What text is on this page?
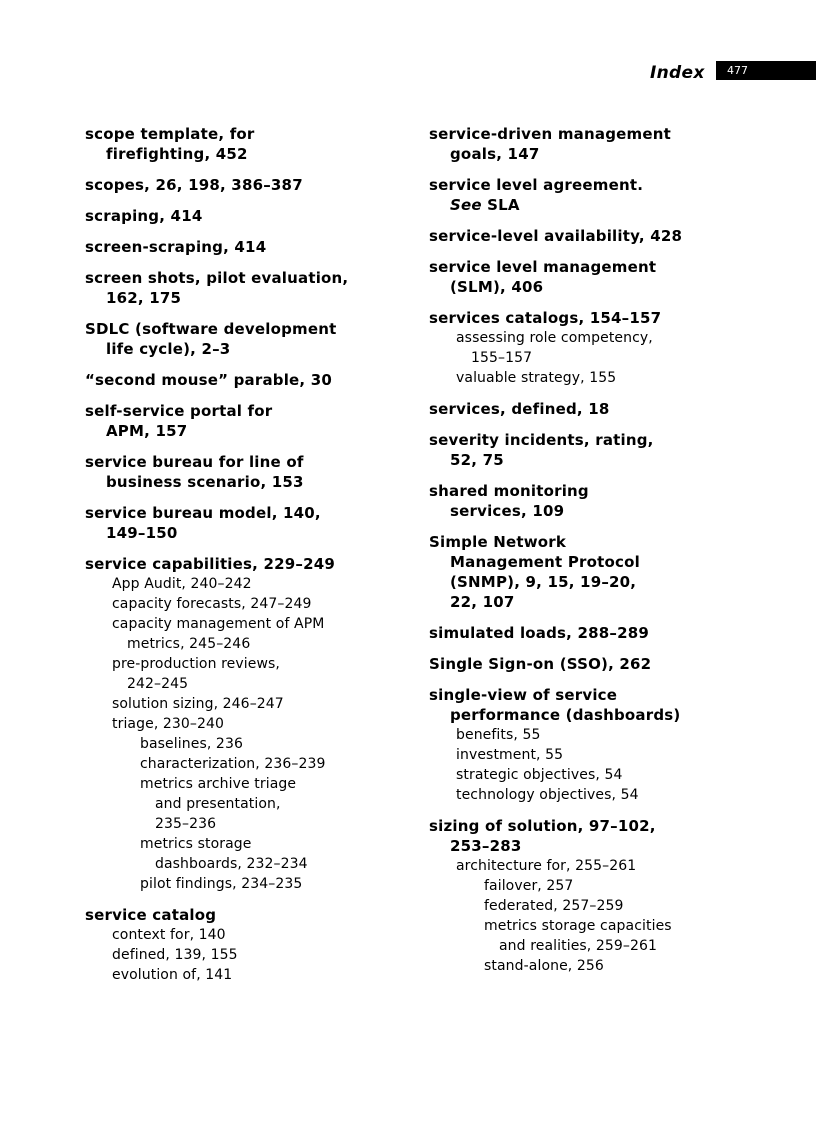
Index	477
scope template, for
firefighting, 452
scopes, 26, 198, 386–387
scraping, 414
screen-scraping, 414
screen shots, pilot evaluation,
162, 175
SDLC (software development
life cycle), 2–3
“second mouse” parable, 30
self-service portal for
APM, 157
service bureau for line of
business scenario, 153
service bureau model, 140,
149–150
service capabilities, 229–249
App Audit, 240–242
capacity forecasts, 247–249
capacity management of APM
metrics, 245–246
pre-production reviews,
242–245
solution sizing, 246–247
triage, 230–240
baselines, 236
characterization, 236–239
metrics archive triage
and presentation,
235–236
metrics storage
dashboards, 232–234
pilot findings, 234–235
service catalog
context for, 140
defined, 139, 155
evolution of, 141
service-driven management
goals, 147
service level agreement.
See SLA
service-level availability, 428
service level management
(SLM), 406
services catalogs, 154–157
assessing role competency,
155–157
valuable strategy, 155
services, defined, 18
severity incidents, rating,
52, 75
shared monitoring
services, 109
Simple Network
Management Protocol
(SNMP), 9, 15, 19–20,
22, 107
simulated loads, 288–289
Single Sign-on (SSO), 262
single-view of service
performance (dashboards)
benefits, 55
investment, 55
strategic objectives, 54
technology objectives, 54
sizing of solution, 97–102,
253–283
architecture for, 255–261
failover, 257
federated, 257–259
metrics storage capacities
and realities, 259–261
stand-alone, 256
